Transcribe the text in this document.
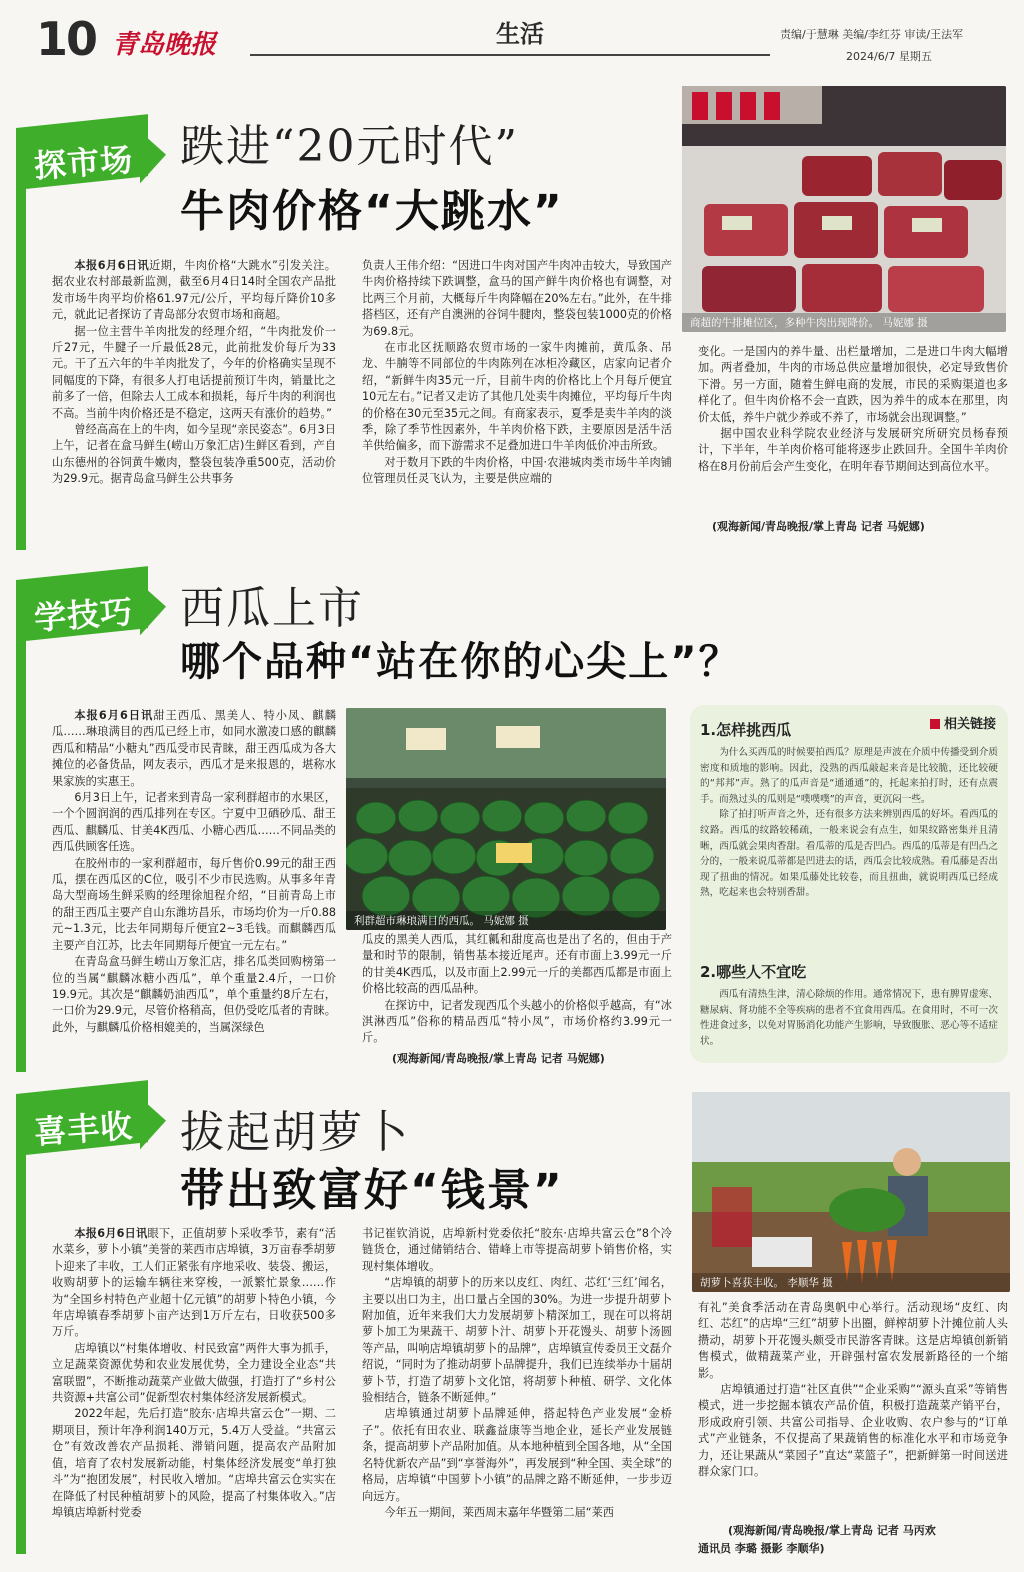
10 青岛晚报	生活	责编/于慧琳 美编/李红芬 审读/王法军
2024/6/7 星期五
探市场 跌进“20元时代”
牛肉价格“大跳水”
商超的牛排摊位区，多种牛肉出现降价。 马妮娜 摄

本报6月6日讯近期，牛肉价格“大跳水”引发关注。据农业农村部最新监测，截至6月4日14时全国农产品批发市场牛肉平均价格61.97元/公斤，平均每斤降价10多元，就此记者探访了青岛部分农贸市场和商超。

据一位主营牛羊肉批发的经理介绍，“牛肉批发价一斤27元，牛腱子一斤最低28元，此前批发价每斤为33元。干了五六年的牛羊肉批发了，今年的价格确实呈现不同幅度的下降，有很多人打电话提前预订牛肉，销量比之前多了一倍，但除去人工成本和损耗，每斤牛肉的利润也不高。当前牛肉价格还是不稳定，这两天有涨价的趋势。”

曾经高高在上的牛肉，如今呈现“亲民姿态”。6月3日上午，记者在盒马鲜生(崂山万象汇店)生鲜区看到，产自山东德州的谷饲黄牛嫩肉，整袋包装净重500克，活动价为29.9元。据青岛盒马鲜生公共事务

负责人王伟介绍：“因进口牛肉对国产牛肉冲击较大，导致国产牛肉价格持续下跌调整，盒马的国产鲜牛肉价格也有调整，对比两三个月前，大概每斤牛肉降幅在20%左右。”此外，在牛排搭档区，还有产自澳洲的谷饲牛腱肉，整袋包装1000克的价格为69.8元。

在市北区抚顺路农贸市场的一家牛肉摊前，黄瓜条、吊龙、牛腩等不同部位的牛肉陈列在冰柜冷藏区，店家向记者介绍，“新鲜牛肉35元一斤，目前牛肉的价格比上个月每斤便宜10元左右。”记者又走访了其他几处卖牛肉摊位，平均每斤牛肉的价格在30元至35元之间。有商家表示，夏季是卖牛羊肉的淡季，除了季节性因素外，牛羊肉价格下跌，主要原因是活牛活羊供给偏多，而下游需求不足叠加进口牛羊肉低价冲击所致。

对于数月下跌的牛肉价格，中国·农港城肉类市场牛羊肉铺位管理员任灵飞认为，主要是供应端的

变化。一是国内的养牛量、出栏量增加，二是进口牛肉大幅增加。两者叠加，牛肉的市场总供应量增加很快，必定导致售价下滑。另一方面，随着生鲜电商的发展，市民的采购渠道也多样化了。但牛肉价格不会一直跌，因为养牛的成本在那里，肉价太低，养牛户就少养或不养了，市场就会出现调整。”

据中国农业科学院农业经济与发展研究所研究员杨春预计，下半年，牛羊肉价格可能将逐步止跌回升。全国牛羊肉价格在8月份前后会产生变化，在明年春节期间达到高位水平。

(观海新闻/青岛晚报/掌上青岛 记者 马妮娜)
学技巧 西瓜上市
哪个品种“站在你的心尖上”？
利群超市琳琅满目的西瓜。 马妮娜 摄

本报6月6日讯甜王西瓜、黑美人、特小凤、麒麟瓜……琳琅满目的西瓜已经上市，如同水激凌口感的麒麟西瓜和精品“小糖丸”西瓜受市民青睐，甜王西瓜成为各大摊位的必备货品，网友表示，西瓜才是来报恩的，堪称水果家族的实惠王。

6月3日上午，记者来到青岛一家利群超市的水果区，一个个圆润润的西瓜排列在专区。宁夏中卫硒砂瓜、甜王西瓜、麒麟瓜、甘美4K西瓜、小糖心西瓜……不同品类的西瓜供顾客任选。

在胶州市的一家利群超市，每斤售价0.99元的甜王西瓜，摆在西瓜区的C位，吸引不少市民选购。从事多年青岛大型商场生鲜采购的经理徐旭程介绍，“目前青岛上市的甜王西瓜主要产自山东潍坊昌乐，市场均价为一斤0.88元~1.3元，比去年同期每斤便宜2~3毛钱。而麒麟西瓜主要产自江苏，比去年同期每斤便宜一元左右。”

在青岛盒马鲜生崂山万象汇店，排名瓜类回购榜第一位的当属“麒麟冰糖小西瓜”，单个重量2.4斤，一口价19.9元。其次是“麒麟奶油西瓜”，单个重量约8斤左右，一口价为29.9元，尽管价格稍高，但仍受吃瓜者的青睐。此外，与麒麟瓜价格相媲美的，当属深绿色

瓜皮的黑美人西瓜，其红瓤和甜度高也是出了名的，但由于产量和时节的限制，销售基本接近尾声。还有市面上3.99元一斤的甘美4K西瓜，以及市面上2.99元一斤的美都西瓜都是市面上价格比较高的西瓜品种。

在探访中，记者发现西瓜个头越小的价格似乎越高，有“冰淇淋西瓜”俗称的精品西瓜“特小凤”，市场价格约3.99元一斤。

(观海新闻/青岛晚报/掌上青岛 记者 马妮娜)
相关链接
1.怎样挑西瓜

为什么买西瓜的时候要拍西瓜？原理是声波在介质中传播受到介质密度和质地的影响。因此，没熟的西瓜敲起来音是比较脆，还比较硬的“邦邦”声。熟了的瓜声音是“通通通”的，托起来拍打时，还有点震手。而熟过头的瓜则是“噗噗噗”的声音，更沉闷一些。

除了拍打听声音之外，还有很多方法来辨别西瓜的好坏。看西瓜的纹路。西瓜的纹路较稀疏，一般来说会有点生，如果纹路密集并且清晰，西瓜就会果肉香甜。看瓜蒂的瓜是否凹凸。西瓜的瓜蒂是有凹凸之分的，一般来说瓜蒂都是凹进去的话，西瓜会比较成熟。看瓜藤是否出现了扭曲的情况。如果瓜藤处比较卷，而且扭曲，就说明西瓜已经成熟，吃起来也会特别香甜。

2.哪些人不宜吃

西瓜有清热生津，清心除烦的作用。通常情况下，患有脾胃虚寒、糖尿病、肾功能不全等疾病的患者不宜食用西瓜。在食用时，不可一次性进食过多，以免对胃肠消化功能产生影响，导致腹胀、恶心等不适症状。

喜丰收 拔起胡萝卜
带出致富好“钱景”
胡萝卜喜获丰收。 李顺华 摄

本报6月6日讯眼下，正值胡萝卜采收季节，素有“活水菜乡，萝卜小镇”美誉的莱西市店埠镇，3万亩春季胡萝卜迎来了丰收，工人们正紧张有序地采收、装袋、搬运，收购胡萝卜的运输车辆往来穿梭，一派繁忙景象……作为“全国乡村特色产业超十亿元镇”的胡萝卜特色小镇，今年店埠镇春季胡萝卜亩产达到1万斤左右，日收获500多万斤。

店埠镇以“村集体增收、村民致富”两件大事为抓手，立足蔬菜资源优势和农业发展优势，全力建设全业态“共富联盟”，不断推动蔬菜产业做大做强，打造打了“乡村公共资源+共富公司”促新型农村集体经济发展新模式。

2022年起，先后打造“胶东·店埠共富云仓”一期、二期项目，预计年净利润140万元，5.4万人受益。“共富云仓”有效改善农产品损耗、滞销问题，提高农产品附加值，培育了农村发展新动能，村集体经济发展变“单打独斗”为“抱团发展”，村民收入增加。“店埠共富云仓实实在在降低了村民种植胡萝卜的风险，提高了村集体收入。”店埠镇店埠新村党委

书记崔钦消说，店埠新村党委依托“胶东·店埠共富云仓”8个冷链货仓，通过储销结合、错峰上市等提高胡萝卜销售价格，实现村集体增收。

“店埠镇的胡萝卜的历来以皮红、肉红、芯红‘三红’闻名，主要以出口为主，出口量占全国的30%。为进一步提升胡萝卜附加值，近年来我们大力发展胡萝卜精深加工，现在可以将胡萝卜加工为果蔬干、胡萝卜汁、胡萝卜开花馒头、胡萝卜汤圆等产品，叫响店埠镇胡萝卜的品牌”，店埠镇宣传委员王文磊介绍说，“同时为了推动胡萝卜品牌提升，我们已连续举办十届胡萝卜节，打造了胡萝卜文化馆，将胡萝卜种植、研学、文化体验相结合，链条不断延伸。”

店埠镇通过胡萝卜品牌延伸，搭起特色产业发展“金桥子”。依托有田农业、联鑫益康等当地企业，延长产业发展链条，提高胡萝卜产品附加值。从本地种植到全国各地，从“全国名特优新农产品”到“享誉海外”，再发展到“种全国、卖全球”的格局，店埠镇“中国萝卜小镇”的品牌之路不断延伸，一步步迈向远方。

今年五一期间，莱西周末嘉年华暨第二届“莱西

有礼”美食季活动在青岛奥帆中心举行。活动现场“皮红、肉红、芯红”的店埠“三红”胡萝卜出圈，鲜榨胡萝卜汁摊位前人头攒动，胡萝卜开花馒头颇受市民游客青睐。这是店埠镇创新销售模式，做精蔬菜产业，开辟强村富农发展新路径的一个缩影。

店埠镇通过打造“社区直供”“企业采购”“源头直采”等销售模式，进一步挖掘本镇农产品价值，积极打造蔬菜产销平台，形成政府引领、共富公司指导、企业收购、农户参与的“订单式”产业链条，不仅提高了果蔬销售的标准化水平和市场竞争力，还让果蔬从“菜园子”直达“菜篮子”，把新鲜第一时间送进群众家门口。

(观海新闻/青岛晚报/掌上青岛 记者 马丙欢
通讯员 李璐 摄影 李顺华)
